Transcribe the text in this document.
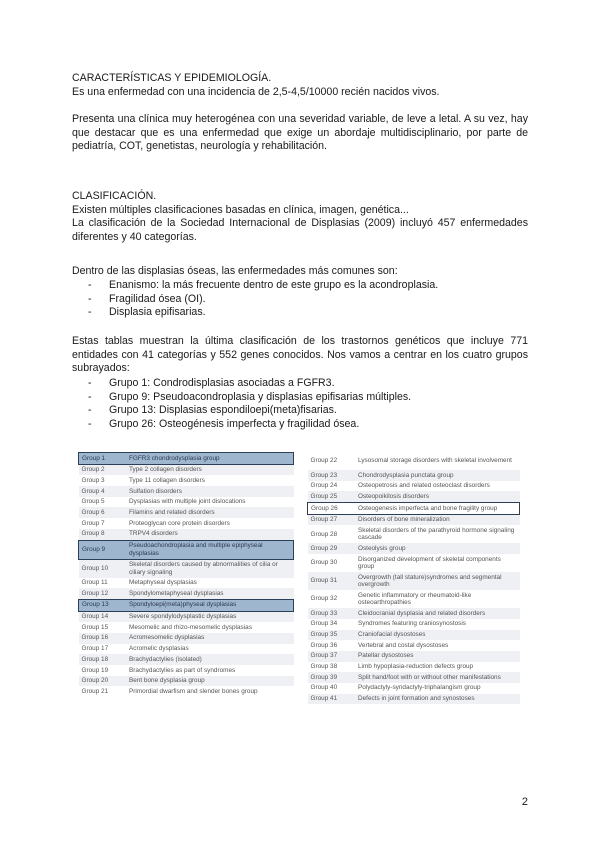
CARACTERÍSTICAS Y EPIDEMIOLOGÍA.
Es una enfermedad con una incidencia de 2,5-4,5/10000 recién nacidos vivos.
Presenta una clínica muy heterogénea con una severidad variable, de leve a letal. A su vez, hay que destacar que es una enfermedad que exige un abordaje multidisciplinario, por parte de pediatría, COT, genetistas, neurología y rehabilitación.
CLASIFICACIÓN.
Existen múltiples clasificaciones basadas en clínica, imagen, genética...
La clasificación de la Sociedad Internacional de Displasias (2009) incluyó 457 enfermedades diferentes y 40 categorías.
Dentro de las displasias óseas, las enfermedades más comunes son:
- Enanismo: la más frecuente dentro de este grupo es la acondroplasia.
- Fragilidad ósea (OI).
- Displasia epifisarias.
Estas tablas muestran la última clasificación de los trastornos genéticos que incluye 771 entidades con 41 categorías y 552 genes conocidos. Nos vamos a centrar en los cuatro grupos subrayados:
- Grupo 1: Condrodisplasias asociadas a FGFR3.
- Grupo 9: Pseudoacondroplasia y displasias epifisarias múltiples.
- Grupo 13: Displasias espondiloepi(meta)fisarias.
- Grupo 26: Osteogénesis imperfecta y fragilidad ósea.
Group 1	FGFR3 chondrodysplasia group
Group 2	Type 2 collagen disorders
Group 3	Type 11 collagen disorders
Group 4	Sulfation disorders
Group 5	Dysplasias with multiple joint dislocations
Group 6	Filamins and related disorders
Group 7	Proteoglycan core protein disorders
Group 8	TRPV4 disorders
Group 9	Pseudoachondroplasia and multiple epiphyseal dysplasias
Group 10	Skeletal disorders caused by abnormalities of cilia or ciliary signaling
Group 11	Metaphyseal dysplasias
Group 12	Spondylometaphyseal dysplasias
Group 13	Spondyloepi(meta)physeal dysplasias
Group 14	Severe spondylodysplastic dysplasias
Group 15	Mesomelic and rhizo-mesomelic dysplasias
Group 16	Acromesomelic dysplasias
Group 17	Acromelic dysplasias
Group 18	Brachydactylies (isolated)
Group 19	Brachydactylies as part of syndromes
Group 20	Bent bone dysplasia group
Group 21	Primordial dwarfism and slender bones group
Group 22	Lysosomal storage disorders with skeletal involvement
Group 23	Chondrodysplasia punctata group
Group 24	Osteopetrosis and related osteoclast disorders
Group 25	Osteopoikilosis disorders
Group 26	Osteogenesis imperfecta and bone fragility group
Group 27	Disorders of bone mineralization
Group 28	Skeletal disorders of the parathyroid hormone signaling cascade
Group 29	Osteolysis group
Group 30	Disorganized development of skeletal components group
Group 31	Overgrowth (tall stature)syndromes and segmental overgrowth
Group 32	Genetic inflammatory or rheumatoid-like osteoarthropathies
Group 33	Cleidocranial dysplasia and related disorders
Group 34	Syndromes featuring craniosynostosis
Group 35	Craniofacial dysostoses
Group 36	Vertebral and costal dysostoses
Group 37	Patellar dysostoses
Group 38	Limb hypoplasia-reduction defects group
Group 39	Split hand/foot with or without other manifestations
Group 40	Polydactyly-syndactyly-triphalangism group
Group 41	Defects in joint formation and synostoses
2
